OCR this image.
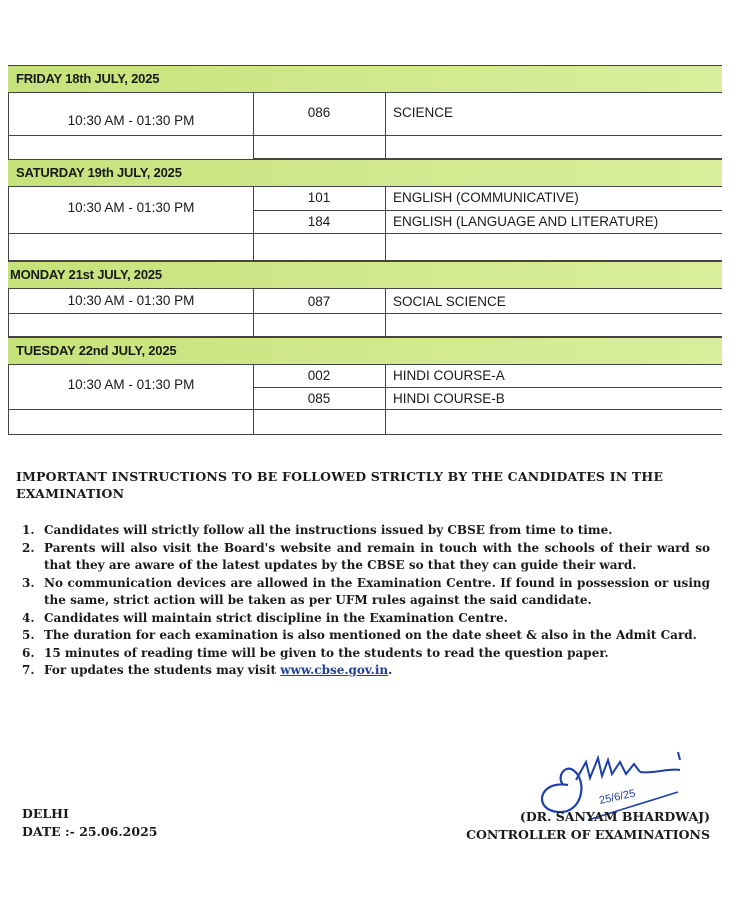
FRIDAY 18th JULY, 2025
10:30 AM - 01:30 PM
086	SCIENCE
SATURDAY 19th JULY, 2025
10:30 AM - 01:30 PM
101	ENGLISH (COMMUNICATIVE)
184	ENGLISH (LANGUAGE AND LITERATURE)
MONDAY 21st JULY, 2025
10:30 AM - 01:30 PM	087	SOCIAL SCIENCE
TUESDAY 22nd JULY, 2025
10:30 AM - 01:30 PM
002	HINDI COURSE-A
085	HINDI COURSE-B
IMPORTANT INSTRUCTIONS TO BE FOLLOWED STRICTLY BY THE CANDIDATES IN THE EXAMINATION
1. Candidates will strictly follow all the instructions issued by CBSE from time to time.
2. Parents will also visit the Board's website and remain in touch with the schools of their ward so that they are aware of the latest updates by the CBSE so that they can guide their ward.
3. No communication devices are allowed in the Examination Centre. If found in possession or using the same, strict action will be taken as per UFM rules against the said candidate.
4. Candidates will maintain strict discipline in the Examination Centre.
5. The duration for each examination is also mentioned on the date sheet & also in the Admit Card.
6. 15 minutes of reading time will be given to the students to read the question paper.
7. For updates the students may visit www.cbse.gov.in.
25/6/25
DELHI
DATE :- 25.06.2025
(DR. SANYAM BHARDWAJ)
CONTROLLER OF EXAMINATIONS
